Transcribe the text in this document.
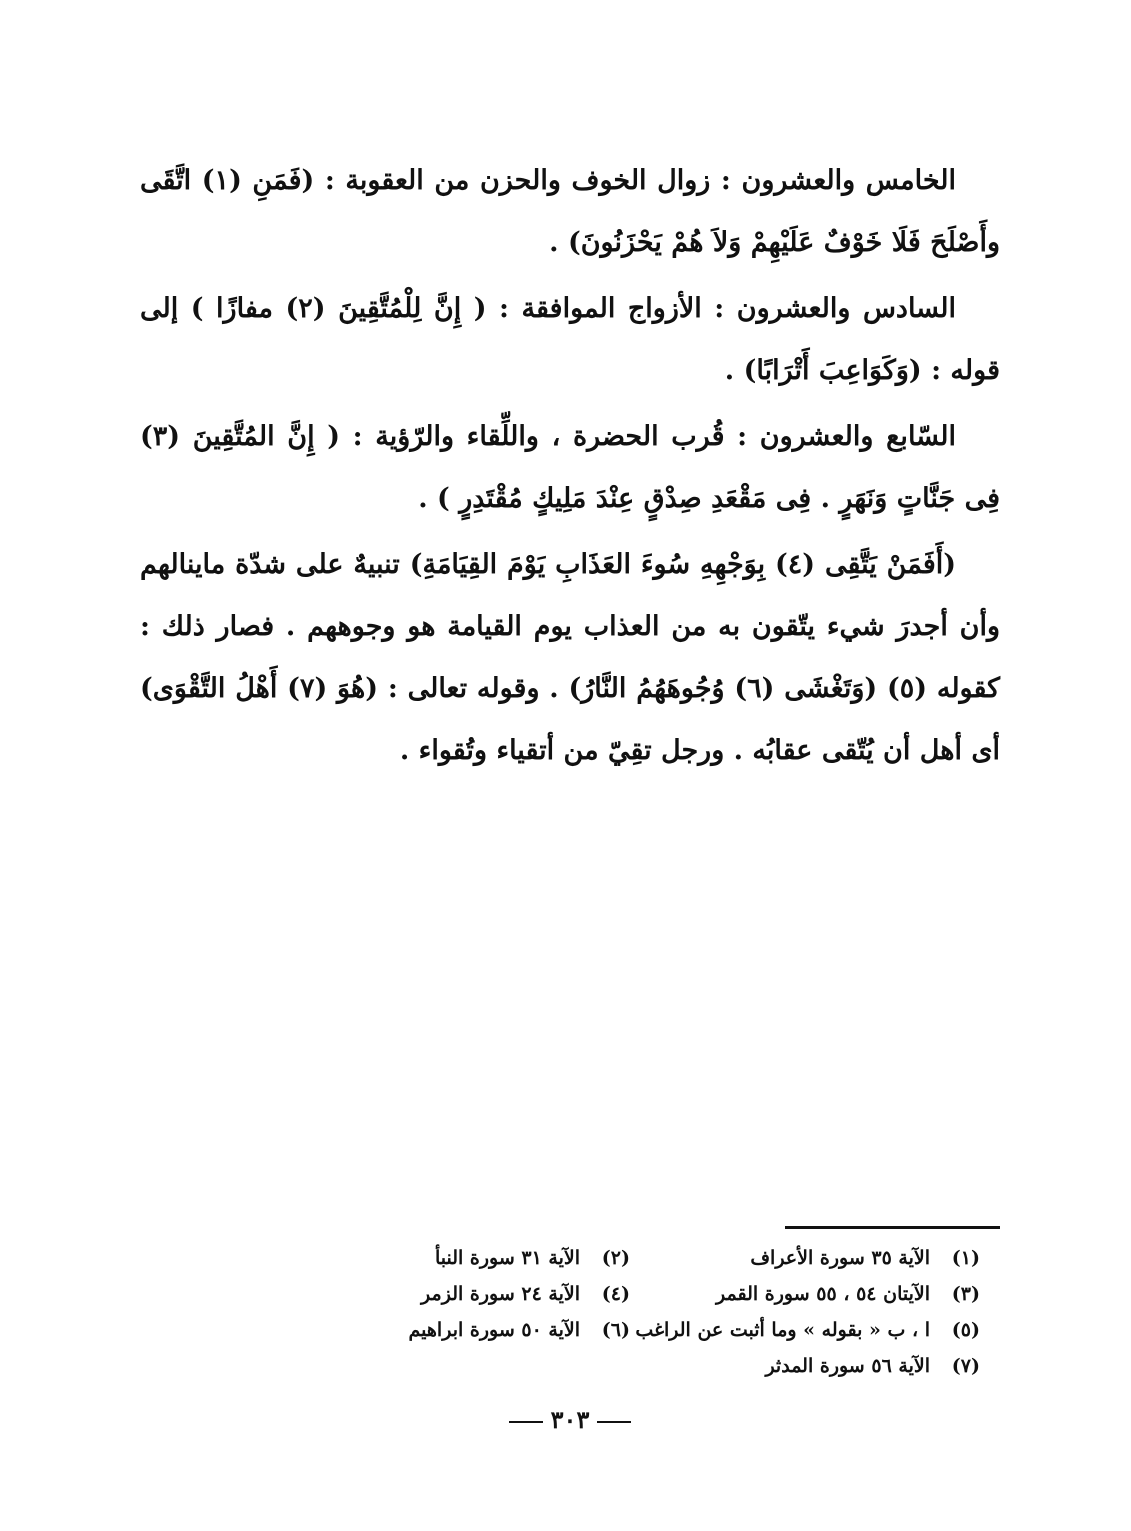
الخامس والعشرون : زوال الخوف والحزن من العقوبة : (فَمَنِ (١) اتَّقَى وأَصْلَحَ فَلَا خَوْفٌ عَلَيْهِمْ وَلاَ هُمْ يَحْزَنُونَ) .

السادس والعشرون : الأزواج الموافقة : ( إِنَّ لِلْمُتَّقِينَ (٢) مفازًا ) إلى قوله : (وَكَوَاعِبَ أَتْرَابًا) .

السّابع والعشرون : قُرب الحضرة ، واللِّقاء والرّؤية : ( إِنَّ المُتَّقِينَ (٣) فِى جَنَّاتٍ وَنَهَرٍ . فِى مَقْعَدِ صِدْقٍ عِنْدَ مَلِيكٍ مُقْتَدِرٍ ) .

(أَفَمَنْ يَتَّقِى (٤) بِوَجْهِهِ سُوءَ العَذَابِ يَوْمَ القِيَامَةِ) تنبيهٌ على شدّة ماينالهم وأن أجدرَ شيء يتّقون به من العذاب يوم القيامة هو وجوههم . فصار ذلك : كقوله (٥) (وَتَغْشَى (٦) وُجُوهَهُمُ النَّارُ) . وقوله تعالى : (هُوَ (٧) أَهْلُ التَّقْوَى) أى أهل أن يُتّقى عقابُه . ورجل تقِيّ من أتقياء وتُقواء .

(١)
الآية ٣٥ سورة الأعراف
(٢)
الآية ٣١ سورة النبأ
(٣)
الآيتان ٥٤ ، ٥٥ سورة القمر
(٤)
الآية ٢٤ سورة الزمر
(٥)
ا ، ب « بقوله » وما أثبت عن الراغب
(٦)
الآية ٥٠ سورة ابراهيم
(٧)
الآية ٥٦ سورة المدثر
٣٠٣
